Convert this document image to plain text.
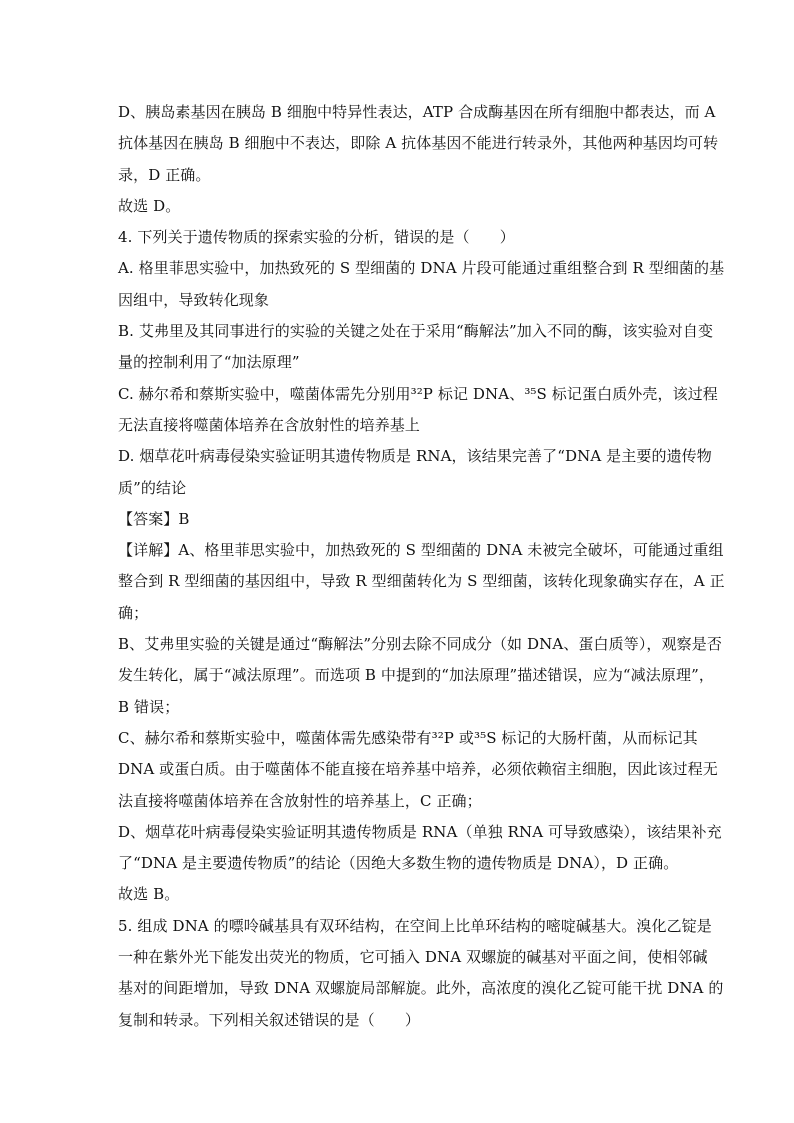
D、胰岛素基因在胰岛 B 细胞中特异性表达，ATP 合成酶基因在所有细胞中都表达，而 A
抗体基因在胰岛 B 细胞中不表达，即除 A 抗体基因不能进行转录外，其他两种基因均可转
录，D 正确。
故选 D。
4. 下列关于遗传物质的探索实验的分析，错误的是（　　）
A. 格里菲思实验中，加热致死的 S 型细菌的 DNA 片段可能通过重组整合到 R 型细菌的基
因组中，导致转化现象
B. 艾弗里及其同事进行的实验的关键之处在于采用“酶解法”加入不同的酶，该实验对自变
量的控制利用了“加法原理”
C. 赫尔希和蔡斯实验中，噬菌体需先分别用³²P 标记 DNA、³⁵S 标记蛋白质外壳，该过程
无法直接将噬菌体培养在含放射性的培养基上
D. 烟草花叶病毒侵染实验证明其遗传物质是 RNA，该结果完善了“DNA 是主要的遗传物
质”的结论
【答案】B
【详解】A、格里菲思实验中，加热致死的 S 型细菌的 DNA 未被完全破坏，可能通过重组
整合到 R 型细菌的基因组中，导致 R 型细菌转化为 S 型细菌，该转化现象确实存在，A 正
确；
B、艾弗里实验的关键是通过“酶解法”分别去除不同成分（如 DNA、蛋白质等），观察是否
发生转化，属于“减法原理”。而选项 B 中提到的“加法原理”描述错误，应为“减法原理”，
B 错误；
C、赫尔希和蔡斯实验中，噬菌体需先感染带有³²P 或³⁵S 标记的大肠杆菌，从而标记其
DNA 或蛋白质。由于噬菌体不能直接在培养基中培养，必须依赖宿主细胞，因此该过程无
法直接将噬菌体培养在含放射性的培养基上，C 正确；
D、烟草花叶病毒侵染实验证明其遗传物质是 RNA（单独 RNA 可导致感染），该结果补充
了“DNA 是主要遗传物质”的结论（因绝大多数生物的遗传物质是 DNA），D 正确。
故选 B。
5. 组成 DNA 的嘌呤碱基具有双环结构，在空间上比单环结构的嘧啶碱基大。溴化乙锭是
一种在紫外光下能发出荧光的物质，它可插入 DNA 双螺旋的碱基对平面之间，使相邻碱
基对的间距增加，导致 DNA 双螺旋局部解旋。此外，高浓度的溴化乙锭可能干扰 DNA 的
复制和转录。下列相关叙述错误的是（　　）
